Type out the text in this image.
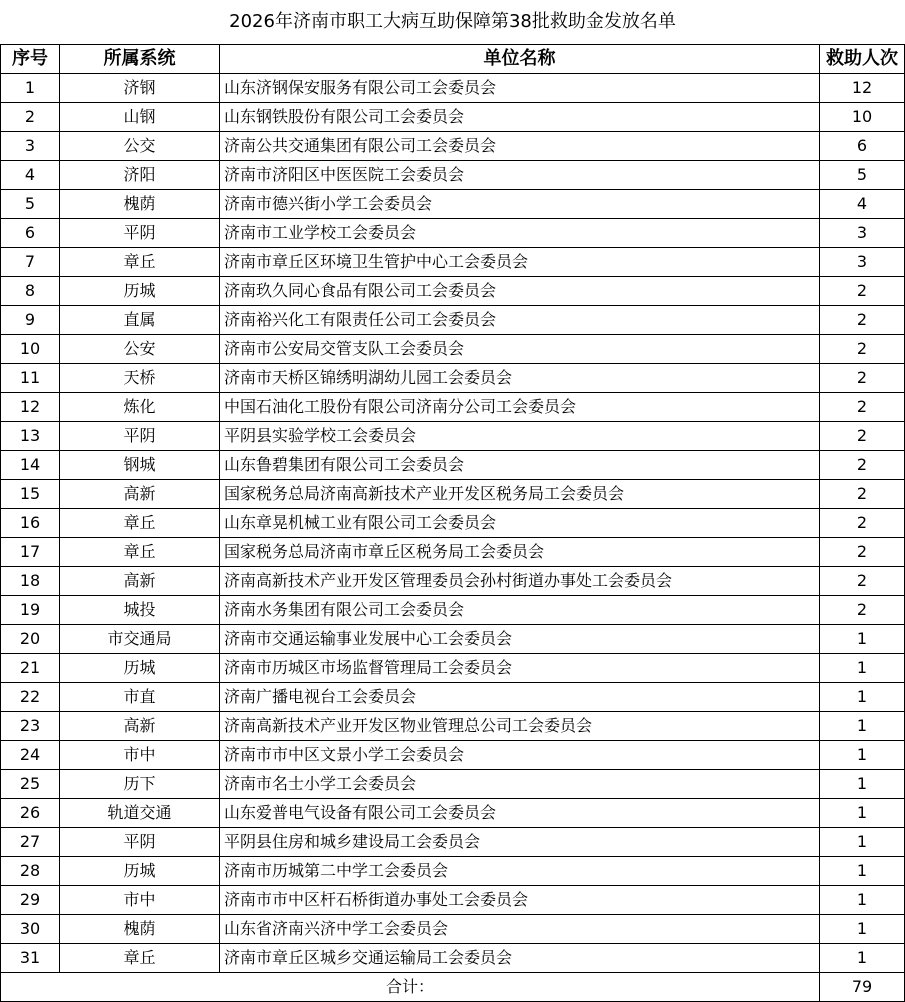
2026年济南市职工大病互助保障第38批救助金发放名单			
序号	所属系统	单位名称	救助人次
1	济钢	山东济钢保安服务有限公司工会委员会	12
2	山钢	山东钢铁股份有限公司工会委员会	10
3	公交	济南公共交通集团有限公司工会委员会	6
4	济阳	济南市济阳区中医医院工会委员会	5
5	槐荫	济南市德兴街小学工会委员会	4
6	平阴	济南市工业学校工会委员会	3
7	章丘	济南市章丘区环境卫生管护中心工会委员会	3
8	历城	济南玖久同心食品有限公司工会委员会	2
9	直属	济南裕兴化工有限责任公司工会委员会	2
10	公安	济南市公安局交管支队工会委员会	2
11	天桥	济南市天桥区锦绣明湖幼儿园工会委员会	2
12	炼化	中国石油化工股份有限公司济南分公司工会委员会	2
13	平阴	平阴县实验学校工会委员会	2
14	钢城	山东鲁碧集团有限公司工会委员会	2
15	高新	国家税务总局济南高新技术产业开发区税务局工会委员会	2
16	章丘	山东章晃机械工业有限公司工会委员会	2
17	章丘	国家税务总局济南市章丘区税务局工会委员会	2
18	高新	济南高新技术产业开发区管理委员会孙村街道办事处工会委员会	2
19	城投	济南水务集团有限公司工会委员会	2
20	市交通局	济南市交通运输事业发展中心工会委员会	1
21	历城	济南市历城区市场监督管理局工会委员会	1
22	市直	济南广播电视台工会委员会	1
23	高新	济南高新技术产业开发区物业管理总公司工会委员会	1
24	市中	济南市市中区文景小学工会委员会	1
25	历下	济南市名士小学工会委员会	1
26	轨道交通	山东爱普电气设备有限公司工会委员会	1
27	平阴	平阴县住房和城乡建设局工会委员会	1
28	历城	济南市历城第二中学工会委员会	1
29	市中	济南市市中区杆石桥街道办事处工会委员会	1
30	槐荫	山东省济南兴济中学工会委员会	1
31	章丘	济南市章丘区城乡交通运输局工会委员会	1
合计：			79
